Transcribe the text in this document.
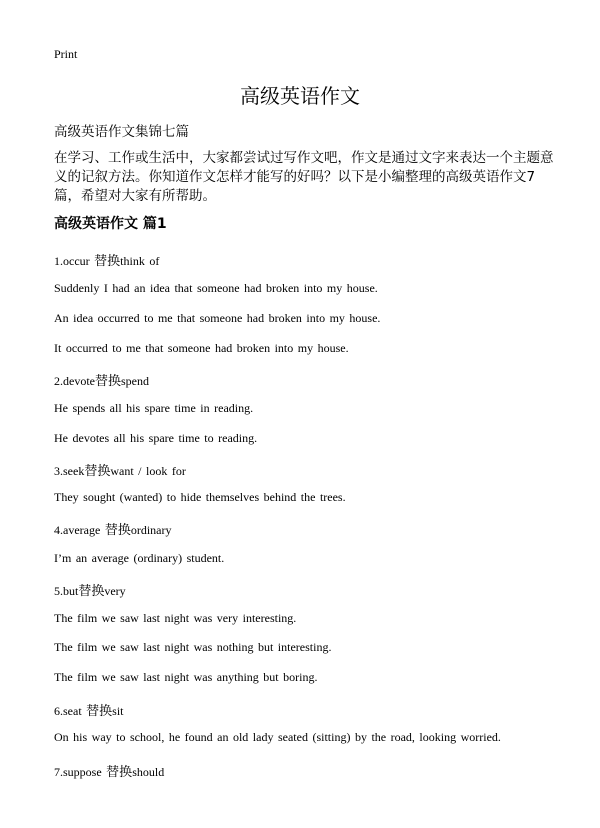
Print
高级英语作文
高级英语作文集锦七篇
在学习、工作或生活中，大家都尝试过写作文吧，作文是通过文字来表达一个主题意义的记叙方法。你知道作文怎样才能写的好吗？以下是小编整理的高级英语作文7篇，希望对大家有所帮助。
高级英语作文 篇1
1.occur 替换think of
Suddenly I had an idea that someone had broken into my house.
An idea occurred to me that someone had broken into my house.
It occurred to me that someone had broken into my house.
2.devote替换spend
He spends all his spare time in reading.
He devotes all his spare time to reading.
3.seek替换want / look for
They sought (wanted) to hide themselves behind the trees.
4.average 替换ordinary
I’m an average (ordinary) student.
5.but替换very
The film we saw last night was very interesting.
The film we saw last night was nothing but interesting.
The film we saw last night was anything but boring.
6.seat 替换sit
On his way to school, he found an old lady seated (sitting) by the road, looking worried.
7.suppose 替换should
